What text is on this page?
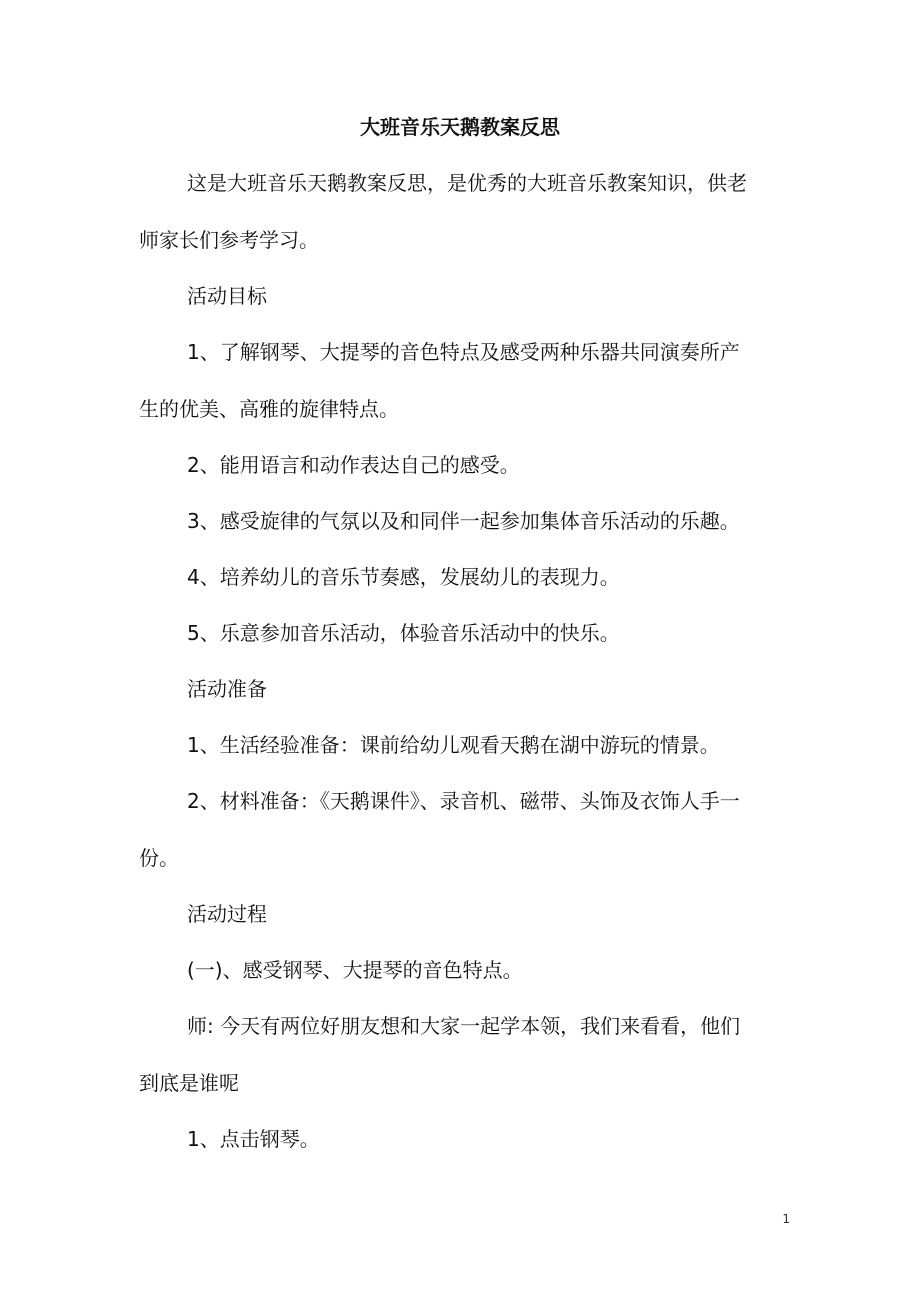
大班音乐天鹅教案反思
这是大班音乐天鹅教案反思，是优秀的大班音乐教案知识，供老
师家长们参考学习。
活动目标
1、了解钢琴、大提琴的音色特点及感受两种乐器共同演奏所产
生的优美、高雅的旋律特点。
2、能用语言和动作表达自己的感受。
3、感受旋律的气氛以及和同伴一起参加集体音乐活动的乐趣。
4、培养幼儿的音乐节奏感，发展幼儿的表现力。
5、乐意参加音乐活动，体验音乐活动中的快乐。
活动准备
1、生活经验准备：课前给幼儿观看天鹅在湖中游玩的情景。
2、材料准备：《天鹅课件》、录音机、磁带、头饰及衣饰人手一
份。
活动过程
(一)、感受钢琴、大提琴的音色特点。
师: 今天有两位好朋友想和大家一起学本领，我们来看看，他们
到底是谁呢
1、点击钢琴。
1
